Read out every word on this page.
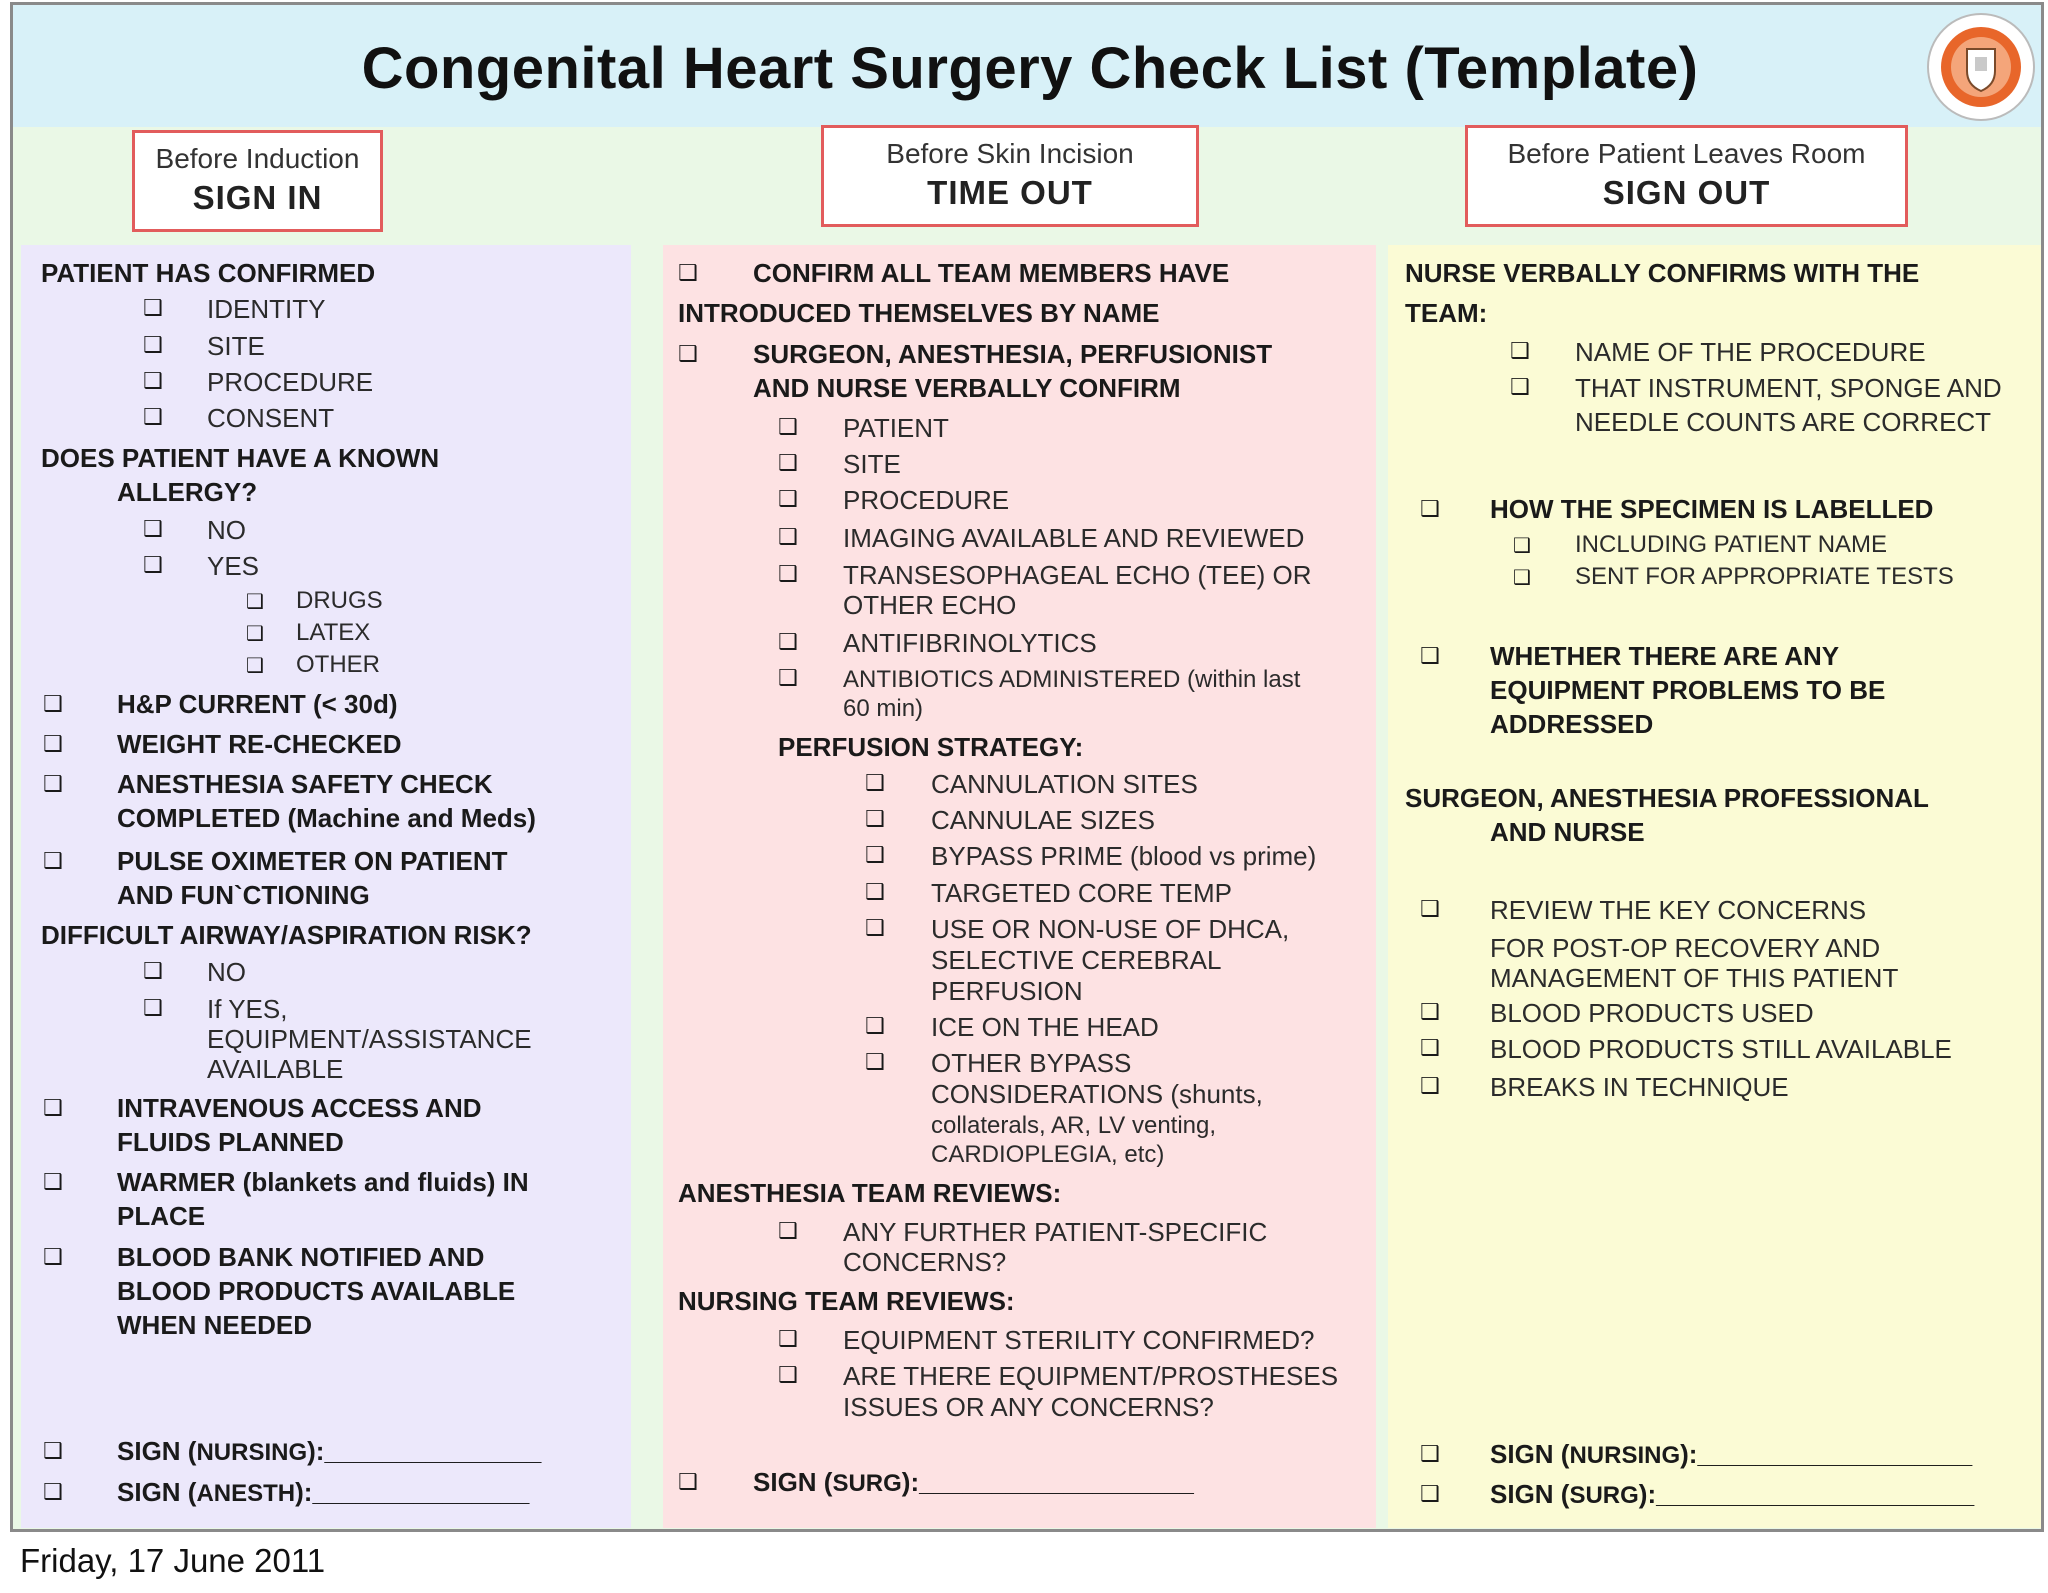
Congenital Heart Surgery Check List (Template)
Before Induction
SIGN IN
Before Skin Incision
TIME OUT
Before Patient Leaves Room
SIGN OUT
PATIENT HAS CONFIRMED
❑ IDENTITY
❑ SITE
❑ PROCEDURE
❑ CONSENT
DOES PATIENT HAVE A KNOWN
ALLERGY?
❑ NO
❑ YES
❑ DRUGS
❑ LATEX
❑ OTHER
❑ H&P CURRENT (< 30d)
❑ WEIGHT RE-CHECKED
❑ ANESTHESIA SAFETY CHECK
COMPLETED (Machine and Meds)
❑ PULSE OXIMETER ON PATIENT
AND FUN`CTIONING
DIFFICULT AIRWAY/ASPIRATION RISK?
❑ NO
❑ If YES,
EQUIPMENT/ASSISTANCE
AVAILABLE
❑ INTRAVENOUS ACCESS AND
FLUIDS PLANNED
❑ WARMER (blankets and fluids) IN
PLACE
❑ BLOOD BANK NOTIFIED AND
BLOOD PRODUCTS AVAILABLE
WHEN NEEDED
❑ SIGN (NURSING):_______________
❑ SIGN (ANESTH):_______________
❑ CONFIRM ALL TEAM MEMBERS HAVE
INTRODUCED THEMSELVES BY NAME
❑ SURGEON, ANESTHESIA, PERFUSIONIST
AND NURSE VERBALLY CONFIRM
❑ PATIENT
❑ SITE
❑ PROCEDURE
❑ IMAGING AVAILABLE AND REVIEWED
❑ TRANSESOPHAGEAL ECHO (TEE) OR
OTHER ECHO
❑ ANTIFIBRINOLYTICS
❑ ANTIBIOTICS ADMINISTERED (within last
60 min)
PERFUSION STRATEGY:
❑ CANNULATION SITES
❑ CANNULAE SIZES
❑ BYPASS PRIME (blood vs prime)
❑ TARGETED CORE TEMP
❑ USE OR NON-USE OF DHCA,
SELECTIVE CEREBRAL
PERFUSION
❑ ICE ON THE HEAD
❑ OTHER BYPASS
CONSIDERATIONS (shunts,
collaterals, AR, LV venting,
CARDIOPLEGIA, etc)
ANESTHESIA TEAM REVIEWS:
❑ ANY FURTHER PATIENT-SPECIFIC
CONCERNS?
NURSING TEAM REVIEWS:
❑ EQUIPMENT STERILITY CONFIRMED?
❑ ARE THERE EQUIPMENT/PROSTHESES
ISSUES OR ANY CONCERNS?
❑ SIGN (SURG):___________________
NURSE VERBALLY CONFIRMS WITH THE
TEAM:
❑ NAME OF THE PROCEDURE
❑ THAT INSTRUMENT, SPONGE AND
NEEDLE COUNTS ARE CORRECT
❑ HOW THE SPECIMEN IS LABELLED
❑ INCLUDING PATIENT NAME
❑ SENT FOR APPROPRIATE TESTS
❑ WHETHER THERE ARE ANY
EQUIPMENT PROBLEMS TO BE
ADDRESSED
SURGEON, ANESTHESIA PROFESSIONAL
AND NURSE
❑ REVIEW THE KEY CONCERNS
FOR POST-OP RECOVERY AND
MANAGEMENT OF THIS PATIENT
❑ BLOOD PRODUCTS USED
❑ BLOOD PRODUCTS STILL AVAILABLE
❑ BREAKS IN TECHNIQUE
❑ SIGN (NURSING):___________________
❑ SIGN (SURG):______________________
Friday, 17 June 2011
